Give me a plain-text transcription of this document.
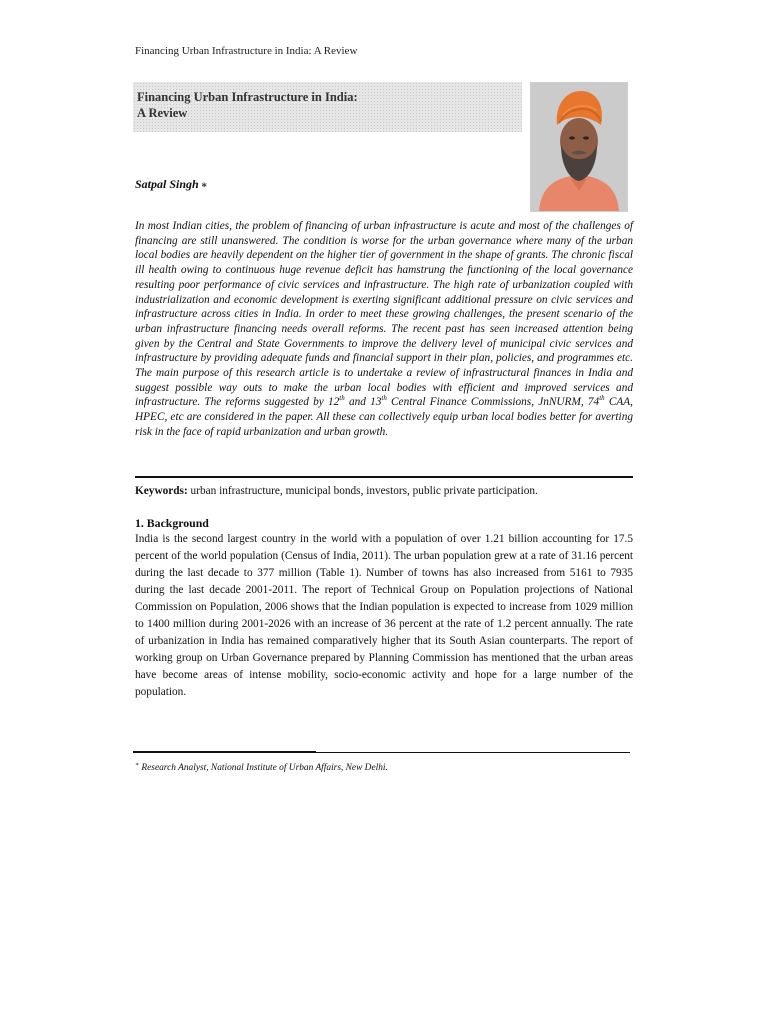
Financing Urban Infrastructure in India: A Review
Financing Urban Infrastructure in India:
A Review
Satpal Singh ∗
In most Indian cities, the problem of financing of urban infrastructure is acute and most of the challenges of financing are still unanswered. The condition is worse for the urban governance where many of the urban local bodies are heavily dependent on the higher tier of government in the shape of grants. The chronic fiscal ill health owing to continuous huge revenue deficit has hamstrung the functioning of the local governance resulting poor performance of civic services and infrastructure. The high rate of urbanization coupled with industrialization and economic development is exerting significant additional pressure on civic services and infrastructure across cities in India. In order to meet these growing challenges, the present scenario of the urban infrastructure financing needs overall reforms. The recent past has seen increased attention being given by the Central and State Governments to improve the delivery level of municipal civic services and infrastructure by providing adequate funds and financial support in their plan, policies, and programmes etc. The main purpose of this research article is to undertake a review of infrastructural finances in India and suggest possible way outs to make the urban local bodies with efficient and improved services and infrastructure. The reforms suggested by 12th and 13th Central Finance Commissions, JnNURM, 74th CAA, HPEC, etc are considered in the paper. All these can collectively equip urban local bodies better for averting risk in the face of rapid urbanization and urban growth.
Keywords: urban infrastructure, municipal bonds, investors, public private participation.
1. Background
India is the second largest country in the world with a population of over 1.21 billion accounting for 17.5 percent of the world population (Census of India, 2011). The urban population grew at a rate of 31.16 percent during the last decade to 377 million (Table 1). Number of towns has also increased from 5161 to 7935 during the last decade 2001-2011. The report of Technical Group on Population projections of National Commission on Population, 2006 shows that the Indian population is expected to increase from 1029 million to 1400 million during 2001-2026 with an increase of 36 percent at the rate of 1.2 percent annually. The rate of urbanization in India has remained comparatively higher that its South Asian counterparts. The report of working group on Urban Governance prepared by Planning Commission has mentioned that the urban areas have become areas of intense mobility, socio-economic activity and hope for a large number of the population.
∗ Research Analyst, National Institute of Urban Affairs, New Delhi.
